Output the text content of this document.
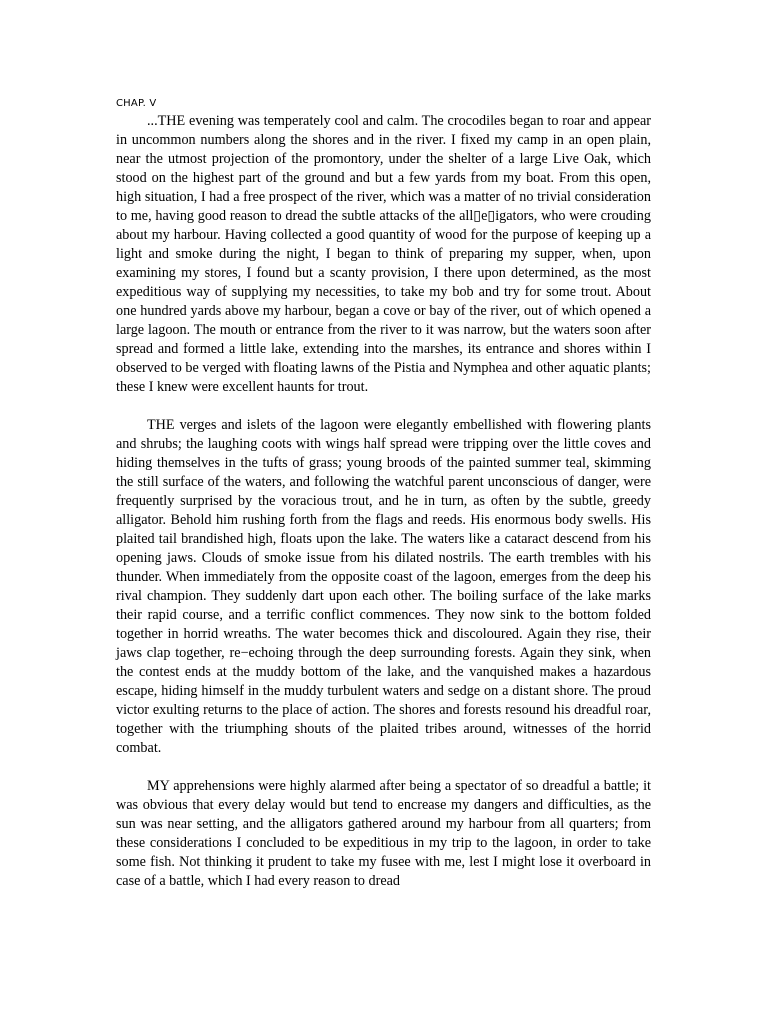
CHAP. V

...THE evening was temperately cool and calm. The crocodiles began to roar and appear in uncommon numbers along the shores and in the river. I fixed my camp in an open plain, near the utmost projection of the promontory, under the shelter of a large Live Oak, which stood on the highest part of the ground and but a few yards from my boat. From this open, high situation, I had a free prospect of the river, which was a matter of no trivial consideration to me, having good reason to dread the subtle attacks of the all▯e▯igators, who were crouding about my harbour. Having collected a good quantity of wood for the purpose of keeping up a light and smoke during the night, I began to think of preparing my supper, when, upon examining my stores, I found but a scanty provision, I there upon determined, as the most expeditious way of supplying my necessities, to take my bob and try for some trout. About one hundred yards above my harbour, began a cove or bay of the river, out of which opened a large lagoon. The mouth or entrance from the river to it was narrow, but the waters soon after spread and formed a little lake, extending into the marshes, its entrance and shores within I observed to be verged with floating lawns of the Pistia and Nymphea and other aquatic plants; these I knew were excellent haunts for trout.

THE verges and islets of the lagoon were elegantly embellished with flowering plants and shrubs; the laughing coots with wings half spread were tripping over the little coves and hiding themselves in the tufts of grass; young broods of the painted summer teal, skimming the still surface of the waters, and following the watchful parent unconscious of danger, were frequently surprised by the voracious trout, and he in turn, as often by the subtle, greedy alligator. Behold him rushing forth from the flags and reeds. His enormous body swells. His plaited tail brandished high, floats upon the lake. The waters like a cataract descend from his opening jaws. Clouds of smoke issue from his dilated nostrils. The earth trembles with his thunder. When immediately from the opposite coast of the lagoon, emerges from the deep his rival champion. They suddenly dart upon each other. The boiling surface of the lake marks their rapid course, and a terrific conflict commences. They now sink to the bottom folded together in horrid wreaths. The water becomes thick and discoloured. Again they rise, their jaws clap together, re−echoing through the deep surrounding forests. Again they sink, when the contest ends at the muddy bottom of the lake, and the vanquished makes a hazardous escape, hiding himself in the muddy turbulent waters and sedge on a distant shore. The proud victor exulting returns to the place of action. The shores and forests resound his dreadful roar, together with the triumphing shouts of the plaited tribes around, witnesses of the horrid combat.

MY apprehensions were highly alarmed after being a spectator of so dreadful a battle; it was obvious that every delay would but tend to encrease my dangers and difficulties, as the sun was near setting, and the alligators gathered around my harbour from all quarters; from these considerations I concluded to be expeditious in my trip to the lagoon, in order to take some fish. Not thinking it prudent to take my fusee with me, lest I might lose it overboard in case of a battle, which I had every reason to dread
